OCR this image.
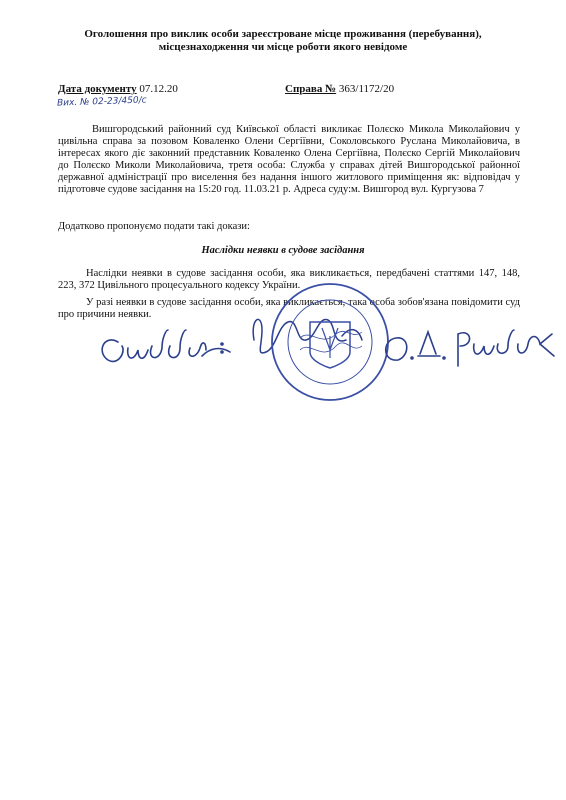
Оголошення про виклик особи зареєстроване місце проживання (перебування),
місцезнаходження чи місце роботи якого невідоме
Дата документу 07.12.20	Справа № 363/1172/20
Вих. № 02-23/450/с
Вишгородський районний суд Київської області викликає Полєско Микола Миколайович у цивільна справа за позовом Коваленко Олени Сергіївни, Соколовського Руслана Миколайовича, в інтересах якого діє законний представник Коваленко Олена Сергіївна, Полєско Сергій Миколайович до Полєско Миколи Миколайовича, третя особа: Служба у справах дітей Вишгородської районної державної адміністрації про виселення без надання іншого житлового приміщення як: відповідач у підготовче судове засідання на 15:20 год. 11.03.21 р. Адреса суду:м. Вишгород вул. Кургузова 7
Додатково пропонуємо подати такі докази:
Наслідки неявки в судове засідання
Наслідки неявки в судове засідання особи, яка викликається, передбачені статтями 147, 148, 223, 372 Цивільного процесуального кодексу України.
У разі неявки в судове засідання особи, яка викликається, така особа зобов'язана повідомити суд про причини неявки.
